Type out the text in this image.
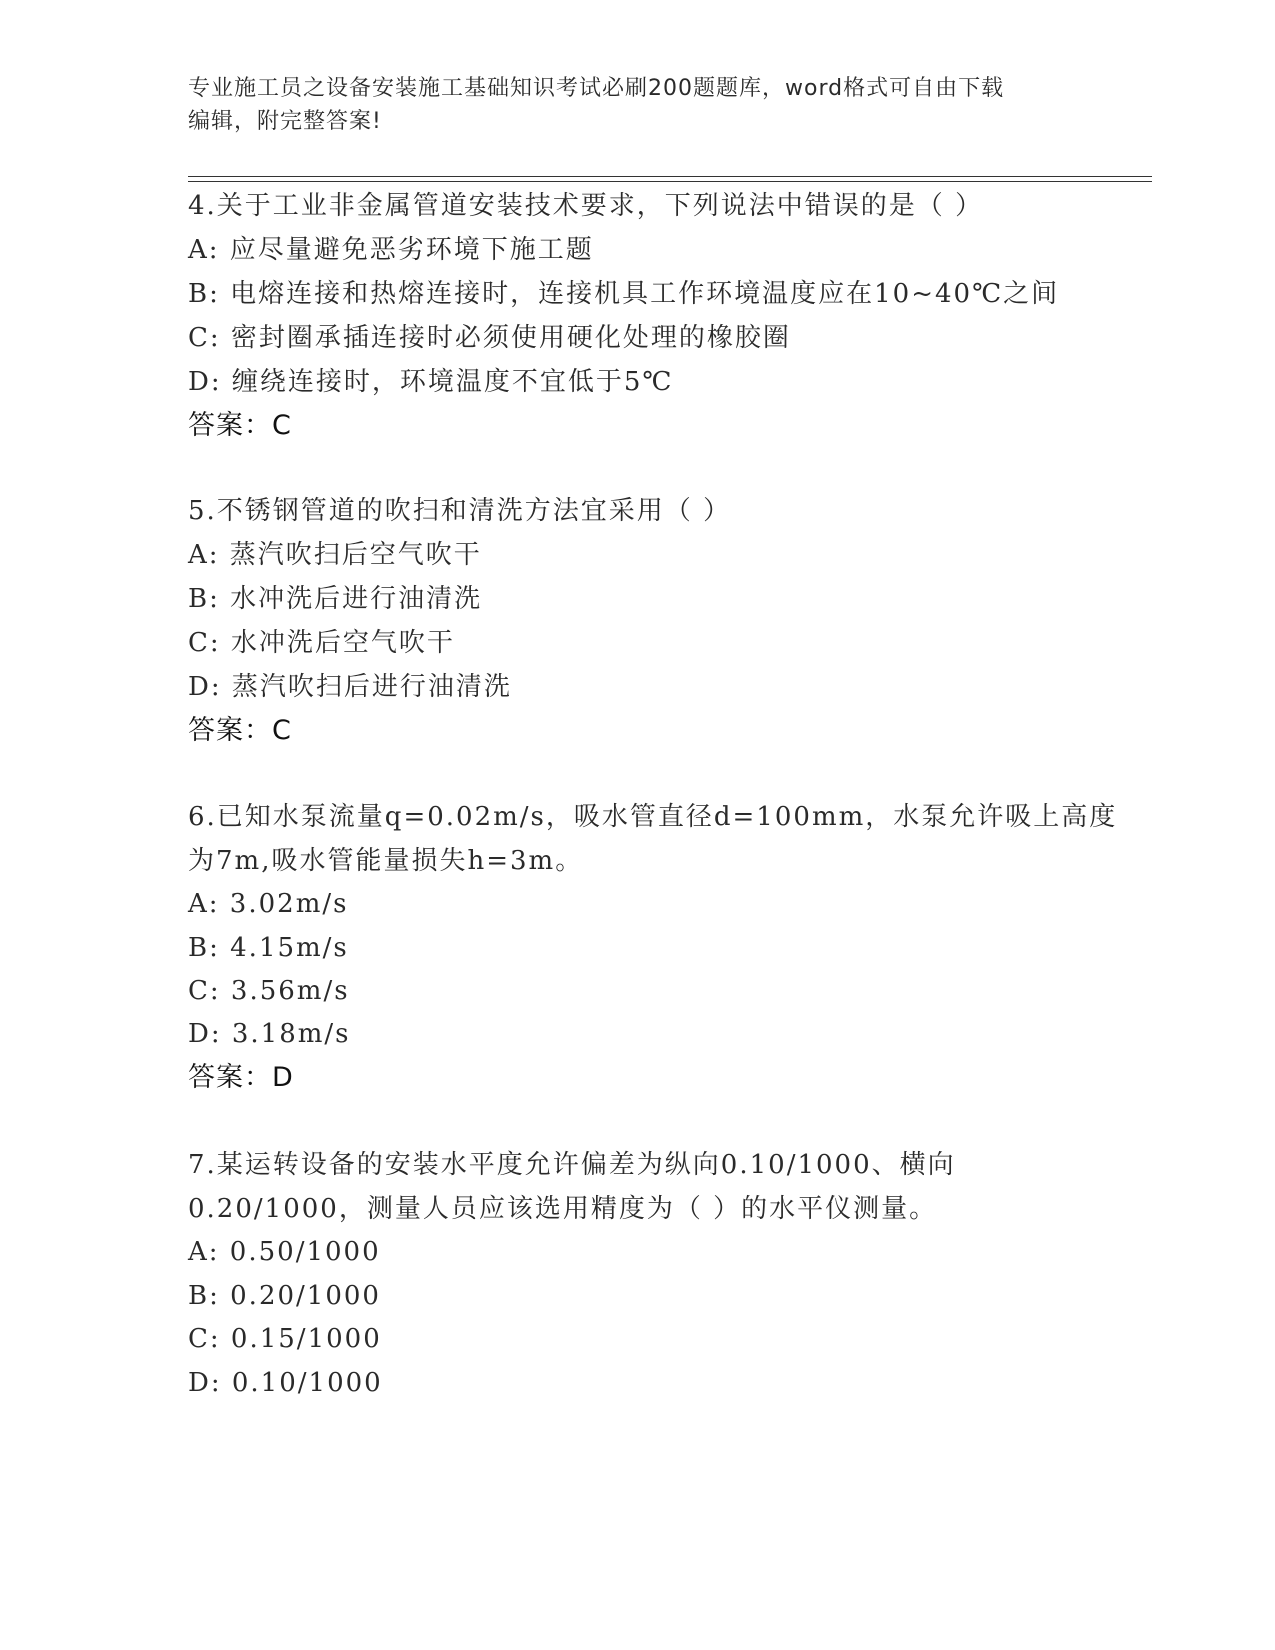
专业施工员之设备安装施工基础知识考试必刷200题题库，word格式可自由下载
编辑，附完整答案!
4.关于工业非金属管道安装技术要求，下列说法中错误的是（ ）
A: 应尽量避免恶劣环境下施工题
B: 电熔连接和热熔连接时，连接机具工作环境温度应在10~40℃之间
C: 密封圈承插连接时必须使用硬化处理的橡胶圈
D: 缠绕连接时，环境温度不宜低于5℃
答案：C
5.不锈钢管道的吹扫和清洗方法宜采用（ ）
A: 蒸汽吹扫后空气吹干
B: 水冲洗后进行油清洗
C: 水冲洗后空气吹干
D: 蒸汽吹扫后进行油清洗
答案：C
6.已知水泵流量q=0.02m/s，吸水管直径d=100mm，水泵允许吸上高度
为7m,吸水管能量损失h=3m。
A: 3.02m/s
B: 4.15m/s
C: 3.56m/s
D: 3.18m/s
答案：D
7.某运转设备的安装水平度允许偏差为纵向0.10/1000、横向
0.20/1000，测量人员应该选用精度为（ ）的水平仪测量。
A: 0.50/1000
B: 0.20/1000
C: 0.15/1000
D: 0.10/1000
